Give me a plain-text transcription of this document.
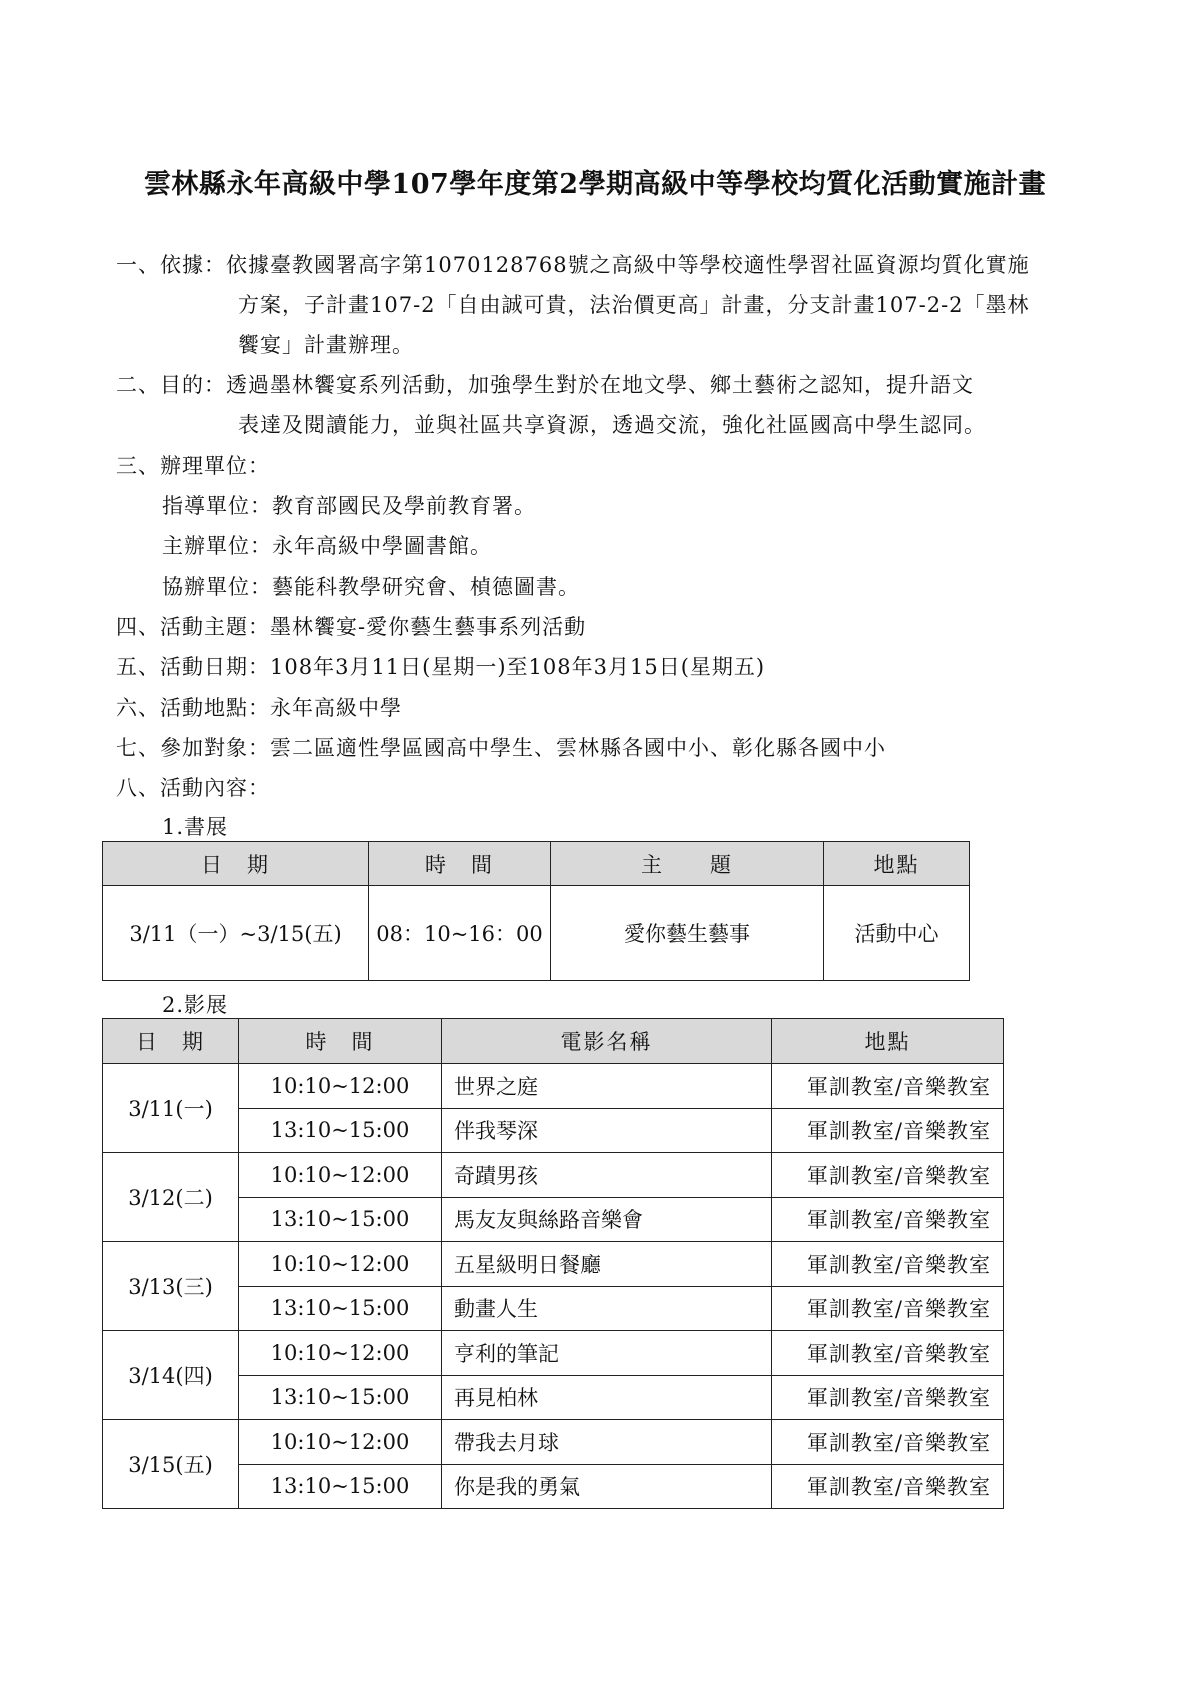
雲林縣永年高級中學107學年度第2學期高級中等學校均質化活動實施計畫
一、依據：依據臺教國署高字第1070128768號之高級中等學校適性學習社區資源均質化實施
方案，子計畫107-2「自由誠可貴，法治價更高」計畫，分支計畫107-2-2「墨林
饗宴」計畫辦理。
二、目的：透過墨林饗宴系列活動，加強學生對於在地文學、鄉土藝術之認知，提升語文
表達及閱讀能力，並與社區共享資源，透過交流，強化社區國高中學生認同。
三、辦理單位：
指導單位：教育部國民及學前教育署。
主辦單位：永年高級中學圖書館。
協辦單位：藝能科教學研究會、楨德圖書。
四、活動主題：墨林饗宴-愛你藝生藝事系列活動
五、活動日期：108年3月11日(星期一)至108年3月15日(星期五)
六、活動地點：永年高級中學
七、參加對象：雲二區適性學區國高中學生、雲林縣各國中小、彰化縣各國中小
八、活動內容：
1.書展
日　期	時　間	主　　題	地點
3/11（一）~3/15(五)	08：10~16：00	愛你藝生藝事	活動中心
2.影展
日　期	時　間	電影名稱	地點
3/11(一)	10:10~12:00	世界之庭	軍訓教室/音樂教室
	13:10~15:00	伴我琴深	軍訓教室/音樂教室
3/12(二)	10:10~12:00	奇蹟男孩	軍訓教室/音樂教室
	13:10~15:00	馬友友與絲路音樂會	軍訓教室/音樂教室
3/13(三)	10:10~12:00	五星級明日餐廳	軍訓教室/音樂教室
	13:10~15:00	動畫人生	軍訓教室/音樂教室
3/14(四)	10:10~12:00	亨利的筆記	軍訓教室/音樂教室
	13:10~15:00	再見柏林	軍訓教室/音樂教室
3/15(五)	10:10~12:00	帶我去月球	軍訓教室/音樂教室
	13:10~15:00	你是我的勇氣	軍訓教室/音樂教室
